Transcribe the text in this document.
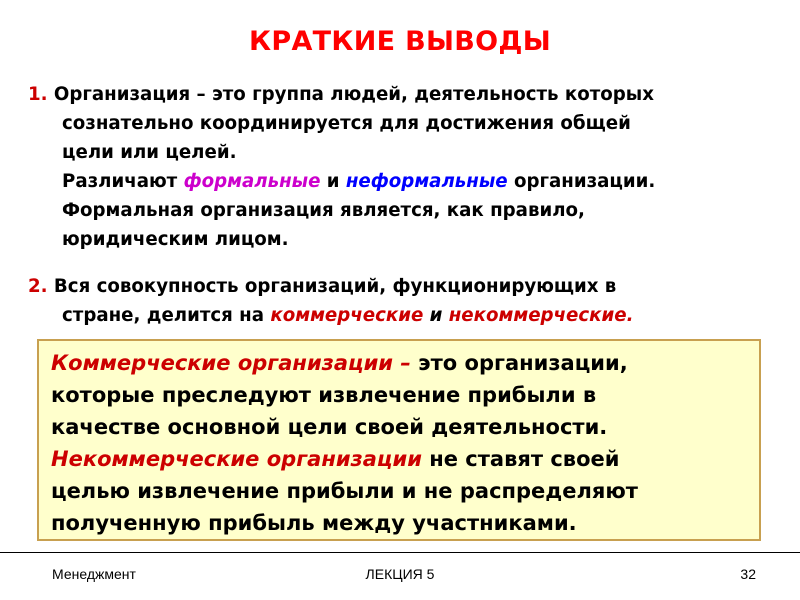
КРАТКИЕ ВЫВОДЫ
1. Организация – это группа людей, деятельность которых
сознательно координируется для достижения общей
цели или целей.
Различают формальные и неформальные организации.
Формальная организация является, как правило,
юридическим лицом.
2. Вся совокупность организаций, функционирующих в
стране, делится на коммерческие и некоммерческие.
Коммерческие организации – это организации,
которые преследуют извлечение прибыли в
качестве основной цели своей деятельности.
Некоммерческие организации не ставят своей
целью извлечение прибыли и не распределяют
полученную прибыль между участниками.
Менеджмент	ЛЕКЦИЯ 5	32
